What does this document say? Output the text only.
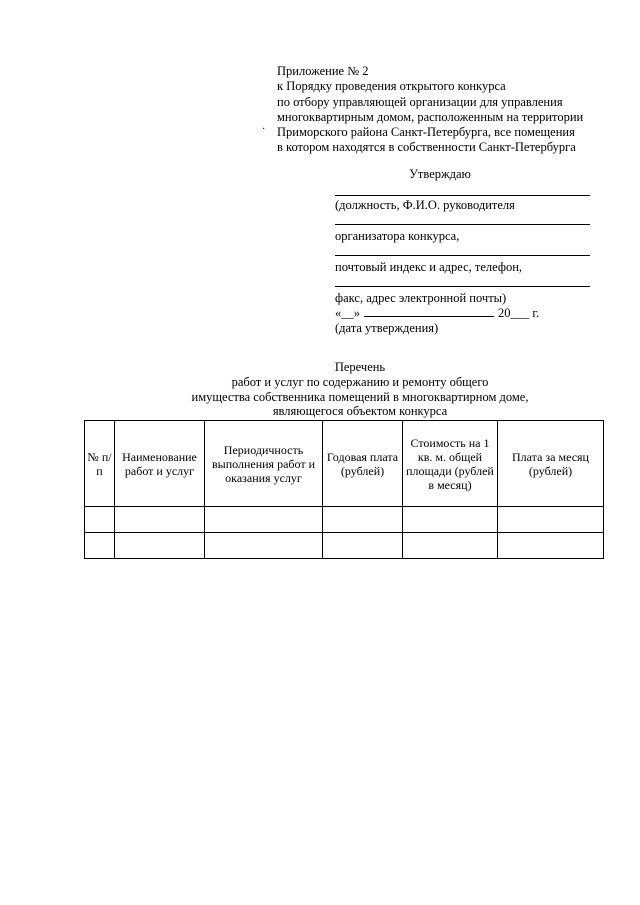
·
Приложение № 2
к Порядку проведения открытого конкурса
по отбору управляющей организации для управления
многоквартирным домом, расположенным на территории
Приморского района Санкт-Петербурга, все помещения
в котором находятся в собственности Санкт-Петербурга
Утверждаю
(должность, Ф.И.О. руководителя
организатора конкурса,
почтовый индекс и адрес, телефон,
факс, адрес электронной почты)
«__»	20___ г.
(дата утверждения)
Перечень
работ и услуг по содержанию и ремонту общего
имущества собственника помещений в многоквартирном доме,
являющегося объектом конкурса
№ п/п	Наименование работ и услуг	Периодичность выполнения работ и оказания услуг	Годовая плата (рублей)	Стоимость на 1 кв. м. общей площади (рублей в месяц)	Плата за месяц (рублей)
